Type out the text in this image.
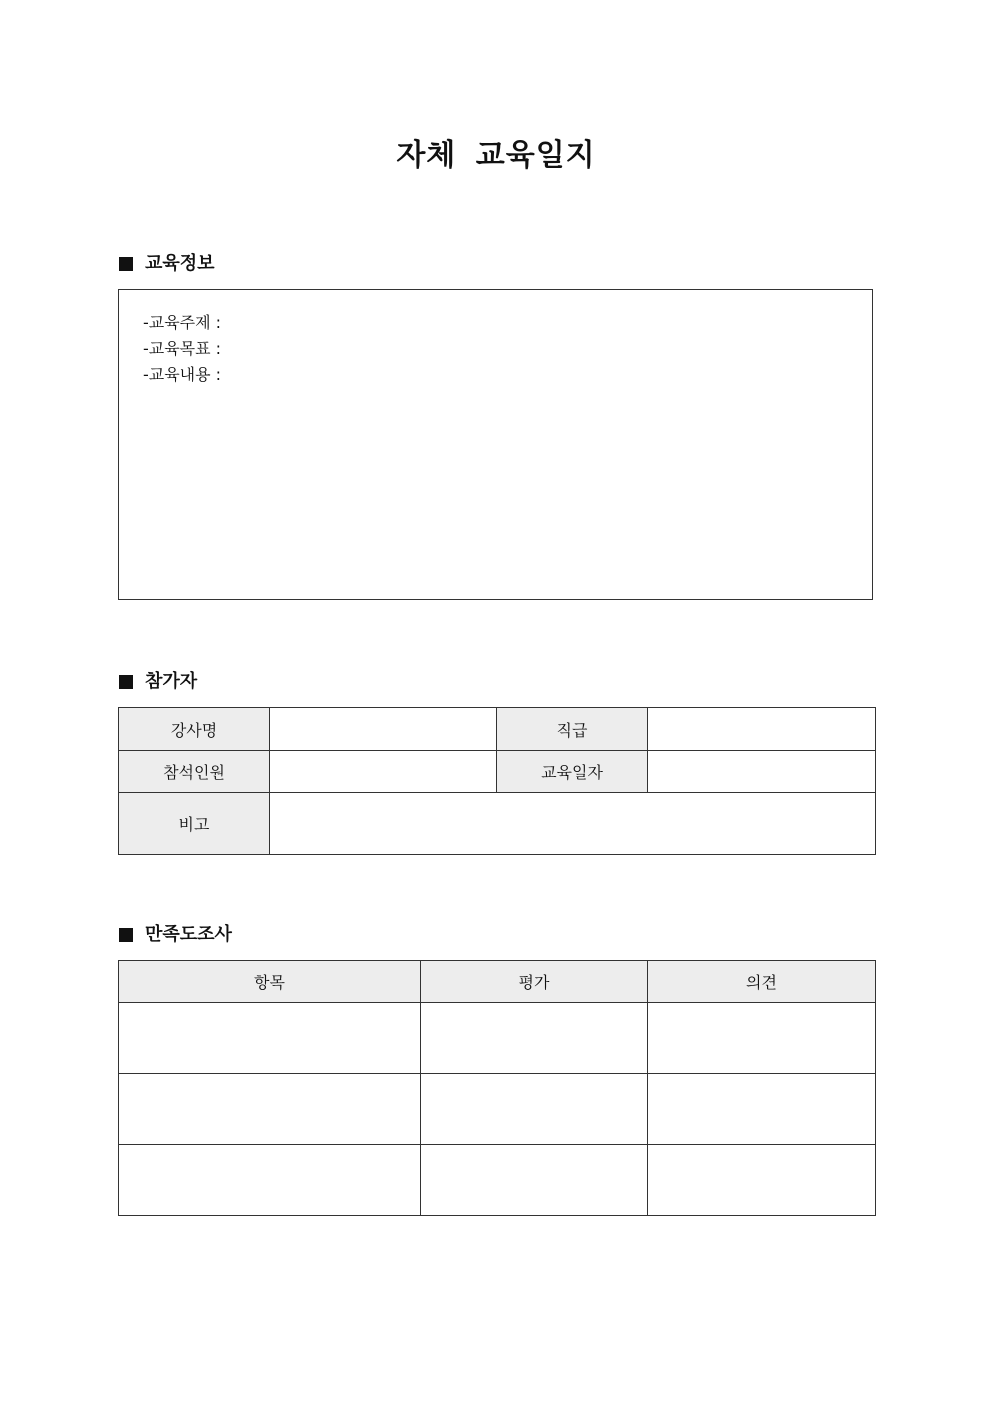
자체 교육일지
교육정보
-교육주제 :
-교육목표 :
-교육내용 :
참가자
강사명		직급	
참석인원		교육일자	
비고			
만족도조사
항목	평가	의견
